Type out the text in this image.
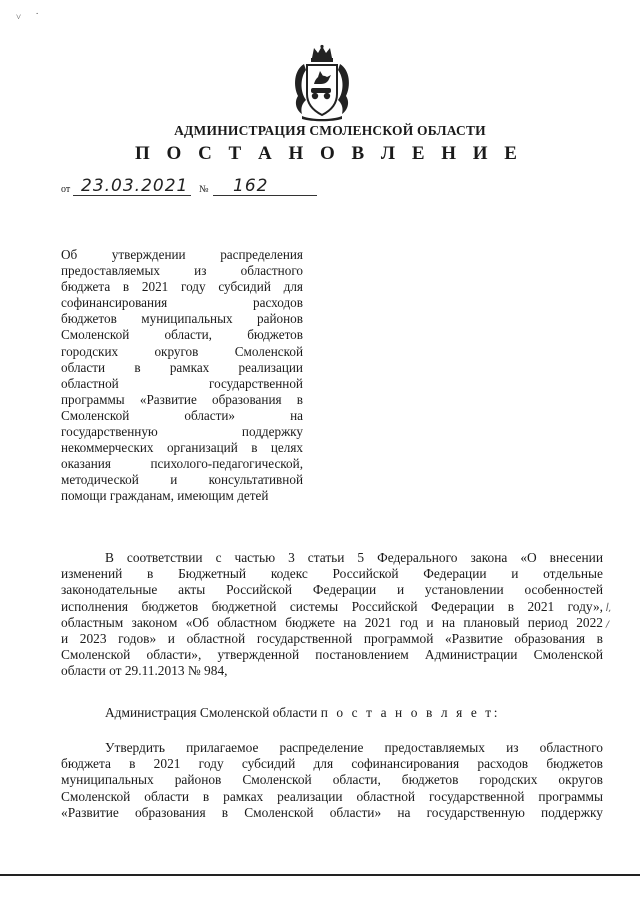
.
˅
АДМИНИСТРАЦИЯ СМОЛЕНСКОЙ ОБЛАСТИ
П О С Т А Н О В Л Е Н И Е
от 23.03.2021 № 162
Об утверждении распределения
предоставляемых из областного
бюджета в 2021 году субсидий для
софинансирования расходов
бюджетов муниципальных районов
Смоленской области, бюджетов
городских округов Смоленской
области в рамках реализации
областной государственной
программы «Развитие образования в
Смоленской области» на
государственную поддержку
некоммерческих организаций в целях
оказания психолого-педагогической,
методической и консультативной
помощи гражданам, имеющим детей
В соответствии с частью 3 статьи 5 Федерального закона «О внесении
изменений в Бюджетный кодекс Российской Федерации и отдельные
законодательные акты Российской Федерации и установлении особенностей
исполнения бюджетов бюджетной системы Российской Федерации в 2021 году»,
областным законом «Об областном бюджете на 2021 год и на плановый период 2022
и 2023 годов» и областной государственной программой «Развитие образования в
Смоленской области», утвержденной постановлением Администрации Смоленской
области от 29.11.2013 № 984,
ꟾ,
/
Администрация Смоленской области п о с т а н о в л я е т:
Утвердить прилагаемое распределение предоставляемых из областного
бюджета в 2021 году субсидий для софинансирования расходов бюджетов
муниципальных районов Смоленской области, бюджетов городских округов
Смоленской области в рамках реализации областной государственной программы
«Развитие образования в Смоленской области» на государственную поддержку
